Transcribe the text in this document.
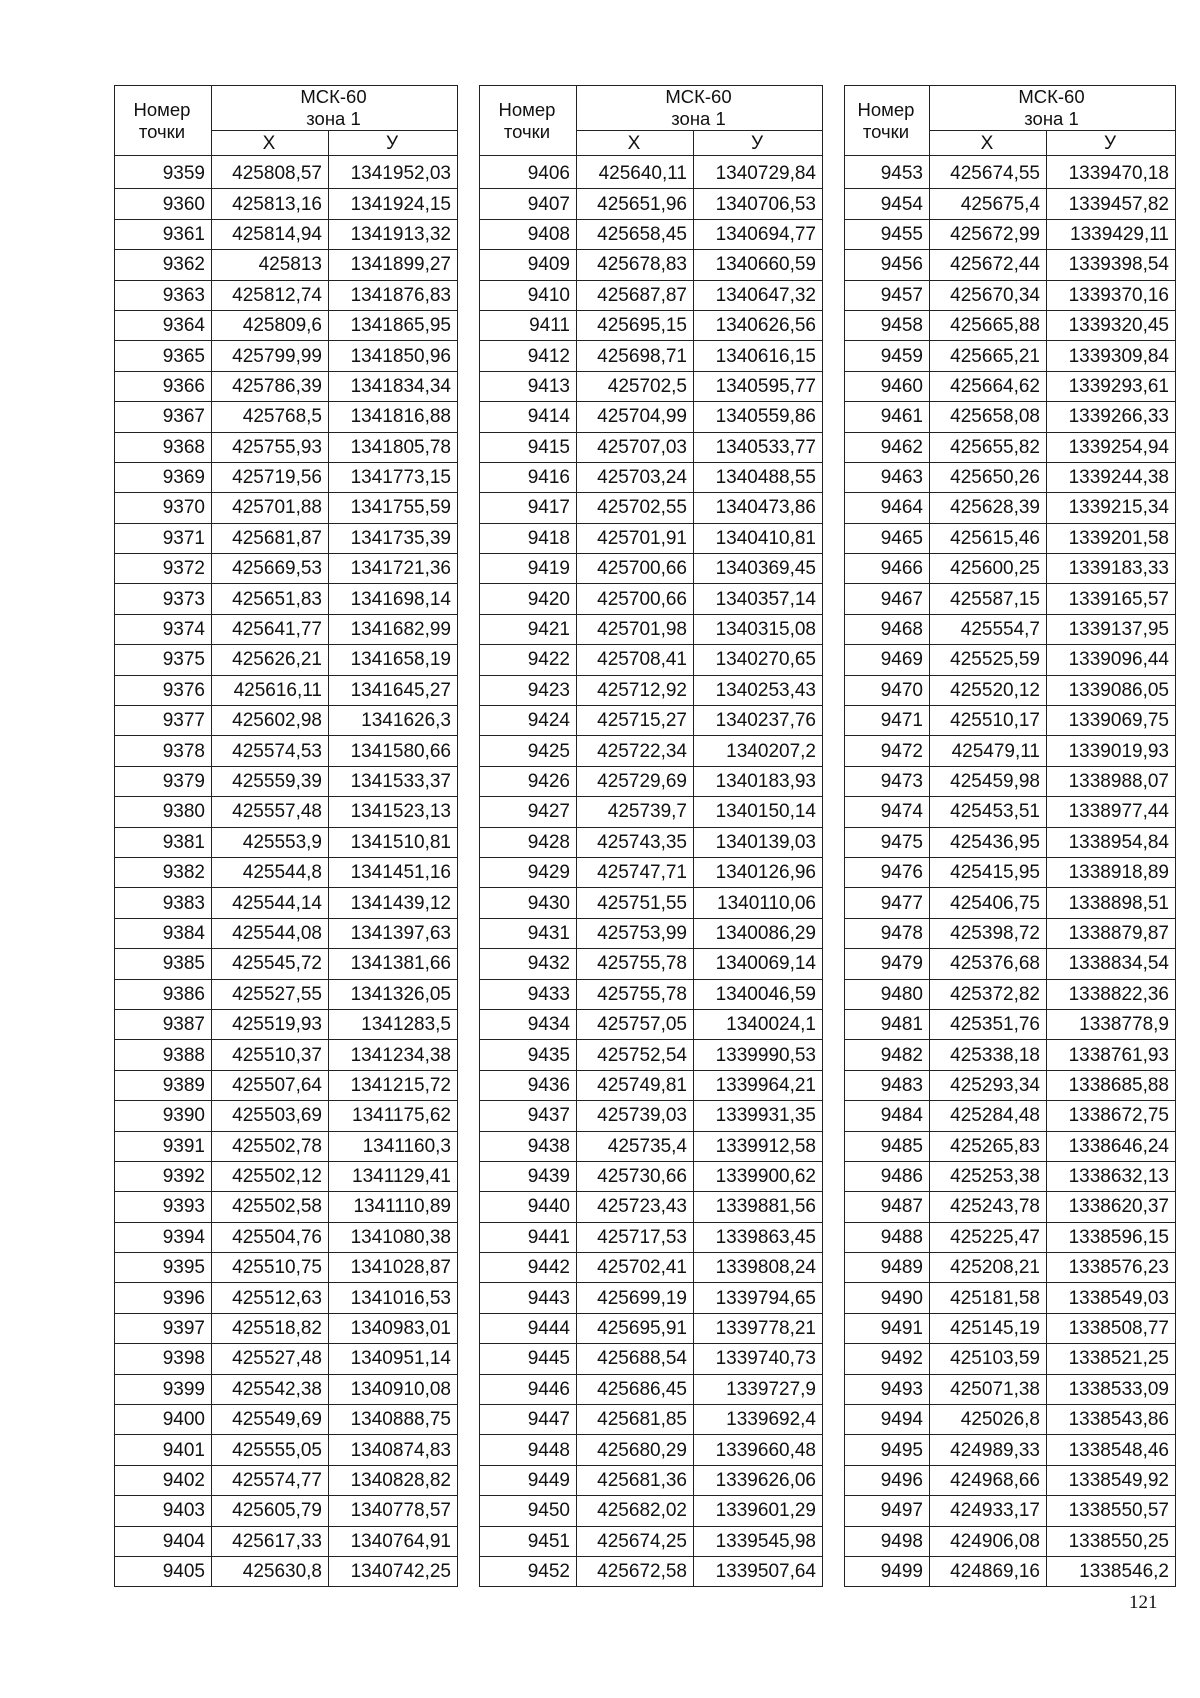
Номер
точки	МСК-60
зона 1	
	Х	У
9359	425808,57	1341952,03
9360	425813,16	1341924,15
9361	425814,94	1341913,32
9362	425813	1341899,27
9363	425812,74	1341876,83
9364	425809,6	1341865,95
9365	425799,99	1341850,96
9366	425786,39	1341834,34
9367	425768,5	1341816,88
9368	425755,93	1341805,78
9369	425719,56	1341773,15
9370	425701,88	1341755,59
9371	425681,87	1341735,39
9372	425669,53	1341721,36
9373	425651,83	1341698,14
9374	425641,77	1341682,99
9375	425626,21	1341658,19
9376	425616,11	1341645,27
9377	425602,98	1341626,3
9378	425574,53	1341580,66
9379	425559,39	1341533,37
9380	425557,48	1341523,13
9381	425553,9	1341510,81
9382	425544,8	1341451,16
9383	425544,14	1341439,12
9384	425544,08	1341397,63
9385	425545,72	1341381,66
9386	425527,55	1341326,05
9387	425519,93	1341283,5
9388	425510,37	1341234,38
9389	425507,64	1341215,72
9390	425503,69	1341175,62
9391	425502,78	1341160,3
9392	425502,12	1341129,41
9393	425502,58	1341110,89
9394	425504,76	1341080,38
9395	425510,75	1341028,87
9396	425512,63	1341016,53
9397	425518,82	1340983,01
9398	425527,48	1340951,14
9399	425542,38	1340910,08
9400	425549,69	1340888,75
9401	425555,05	1340874,83
9402	425574,77	1340828,82
9403	425605,79	1340778,57
9404	425617,33	1340764,91
9405	425630,8	1340742,25
Номер
точки	МСК-60
зона 1	
	Х	У
9406	425640,11	1340729,84
9407	425651,96	1340706,53
9408	425658,45	1340694,77
9409	425678,83	1340660,59
9410	425687,87	1340647,32
9411	425695,15	1340626,56
9412	425698,71	1340616,15
9413	425702,5	1340595,77
9414	425704,99	1340559,86
9415	425707,03	1340533,77
9416	425703,24	1340488,55
9417	425702,55	1340473,86
9418	425701,91	1340410,81
9419	425700,66	1340369,45
9420	425700,66	1340357,14
9421	425701,98	1340315,08
9422	425708,41	1340270,65
9423	425712,92	1340253,43
9424	425715,27	1340237,76
9425	425722,34	1340207,2
9426	425729,69	1340183,93
9427	425739,7	1340150,14
9428	425743,35	1340139,03
9429	425747,71	1340126,96
9430	425751,55	1340110,06
9431	425753,99	1340086,29
9432	425755,78	1340069,14
9433	425755,78	1340046,59
9434	425757,05	1340024,1
9435	425752,54	1339990,53
9436	425749,81	1339964,21
9437	425739,03	1339931,35
9438	425735,4	1339912,58
9439	425730,66	1339900,62
9440	425723,43	1339881,56
9441	425717,53	1339863,45
9442	425702,41	1339808,24
9443	425699,19	1339794,65
9444	425695,91	1339778,21
9445	425688,54	1339740,73
9446	425686,45	1339727,9
9447	425681,85	1339692,4
9448	425680,29	1339660,48
9449	425681,36	1339626,06
9450	425682,02	1339601,29
9451	425674,25	1339545,98
9452	425672,58	1339507,64
Номер
точки	МСК-60
зона 1	
	Х	У
9453	425674,55	1339470,18
9454	425675,4	1339457,82
9455	425672,99	1339429,11
9456	425672,44	1339398,54
9457	425670,34	1339370,16
9458	425665,88	1339320,45
9459	425665,21	1339309,84
9460	425664,62	1339293,61
9461	425658,08	1339266,33
9462	425655,82	1339254,94
9463	425650,26	1339244,38
9464	425628,39	1339215,34
9465	425615,46	1339201,58
9466	425600,25	1339183,33
9467	425587,15	1339165,57
9468	425554,7	1339137,95
9469	425525,59	1339096,44
9470	425520,12	1339086,05
9471	425510,17	1339069,75
9472	425479,11	1339019,93
9473	425459,98	1338988,07
9474	425453,51	1338977,44
9475	425436,95	1338954,84
9476	425415,95	1338918,89
9477	425406,75	1338898,51
9478	425398,72	1338879,87
9479	425376,68	1338834,54
9480	425372,82	1338822,36
9481	425351,76	1338778,9
9482	425338,18	1338761,93
9483	425293,34	1338685,88
9484	425284,48	1338672,75
9485	425265,83	1338646,24
9486	425253,38	1338632,13
9487	425243,78	1338620,37
9488	425225,47	1338596,15
9489	425208,21	1338576,23
9490	425181,58	1338549,03
9491	425145,19	1338508,77
9492	425103,59	1338521,25
9493	425071,38	1338533,09
9494	425026,8	1338543,86
9495	424989,33	1338548,46
9496	424968,66	1338549,92
9497	424933,17	1338550,57
9498	424906,08	1338550,25
9499	424869,16	1338546,2
121
